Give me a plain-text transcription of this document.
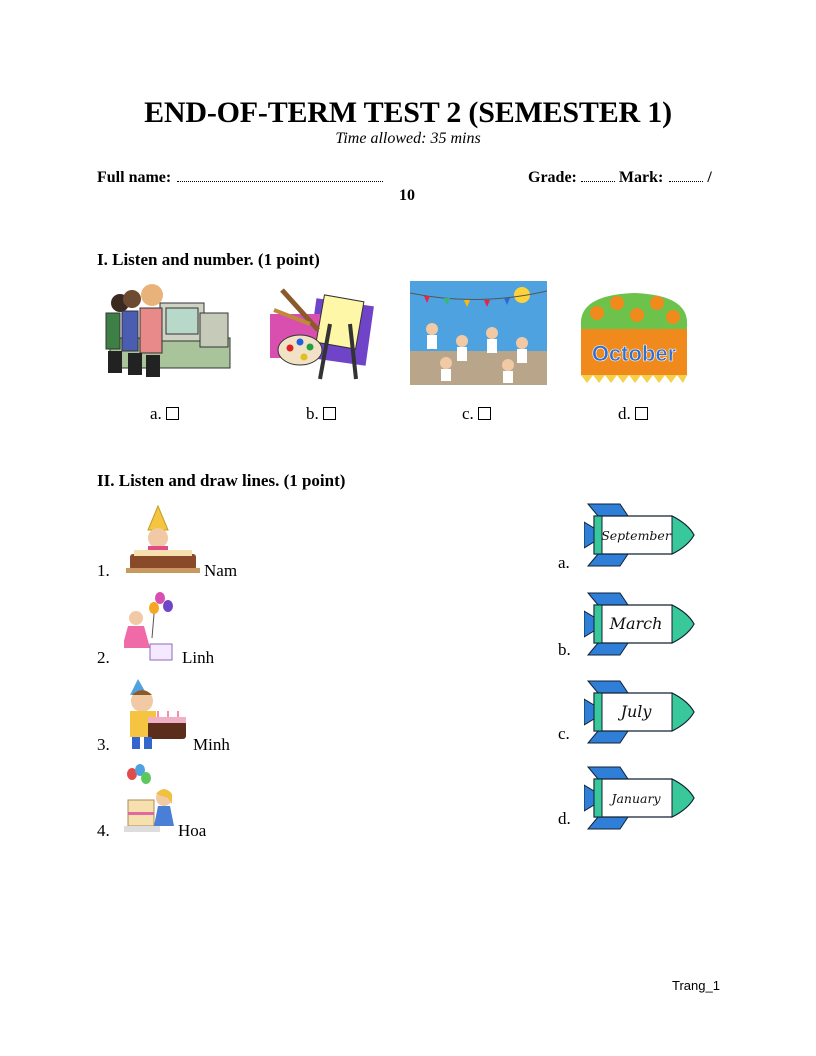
END-OF-TERM TEST 2 (SEMESTER 1)
Time allowed: 35 mins
Full name:	Grade:	Mark:	/
10
I. Listen and number. (1 point)
October
a.	b.	c.	d.
II. Listen and draw lines. (1 point)
1.	Nam
2.	Linh
3.	Minh
4.	Hoa
a.
b.
c.
d.
September
March
July
January
Trang_1
